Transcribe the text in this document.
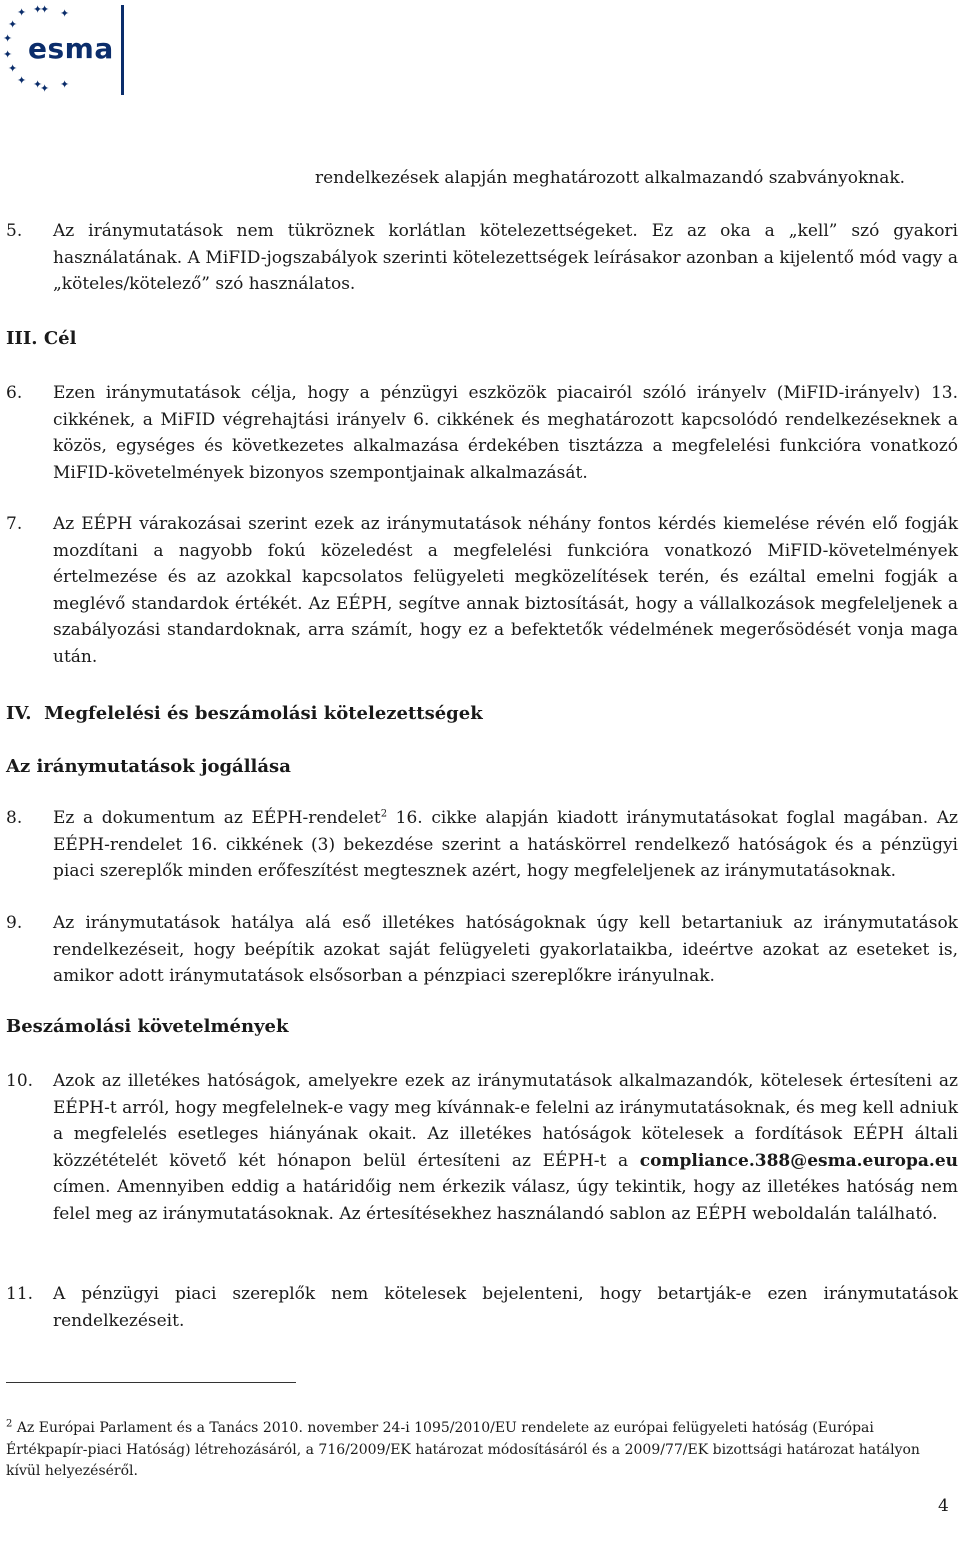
✦
✦
✦
✦
✦
✦
✦
✦
✦ ✦
✦ ✦
esma
rendelkezések alapján meghatározott alkalmazandó szabványoknak.
5. Az iránymutatások nem tükröznek korlátlan kötelezettségeket. Ez az oka a „kell” szó gyakori használatának. A MiFID-jogszabályok szerinti kötelezettségek leírásakor azonban a kijelentő mód vagy a „köteles/kötelező” szó használatos.
III. Cél
6. Ezen iránymutatások célja, hogy a pénzügyi eszközök piacairól szóló irányelv (MiFID-irányelv) 13. cikkének, a MiFID végrehajtási irányelv 6. cikkének és meghatározott kapcsolódó rendelkezéseknek a közös, egységes és következetes alkalmazása érdekében tisztázza a megfelelési funkcióra vonatkozó MiFID-követelmények bizonyos szempontjainak alkalmazását.
7. Az EÉPH várakozásai szerint ezek az iránymutatások néhány fontos kérdés kiemelése révén elő fogják mozdítani a nagyobb fokú közeledést a megfelelési funkcióra vonatkozó MiFID-követelmények értelmezése és az azokkal kapcsolatos felügyeleti megközelítések terén, és ezáltal emelni fogják a meglévő standardok értékét. Az EÉPH, segítve annak biztosítását, hogy a vállalkozások megfeleljenek a szabályozási standardoknak, arra számít, hogy ez a befektetők védelmének megerősödését vonja maga után.
IV. Megfelelési és beszámolási kötelezettségek
Az iránymutatások jogállása
8. Ez a dokumentum az EÉPH-rendelet$^2$ 16. cikke alapján kiadott iránymutatásokat foglal magában. Az EÉPH-rendelet 16. cikkének (3) bekezdése szerint a hatáskörrel rendelkező hatóságok és a pénzügyi piaci szereplők minden erőfeszítést megtesznek azért, hogy megfeleljenek az iránymutatásoknak.
9. Az iránymutatások hatálya alá eső illetékes hatóságoknak úgy kell betartaniuk az iránymutatások rendelkezéseit, hogy beépítik azokat saját felügyeleti gyakorlataikba, ideértve azokat az eseteket is, amikor adott iránymutatások elsősorban a pénzpiaci szereplőkre irányulnak.
Beszámolási követelmények
10. Azok az illetékes hatóságok, amelyekre ezek az iránymutatások alkalmazandók, kötelesek értesíteni az EÉPH-t arról, hogy megfelelnek-e vagy meg kívánnak-e felelni az iránymutatásoknak, és meg kell adniuk a megfelelés esetleges hiányának okait. Az illetékes hatóságok kötelesek a fordítások EÉPH általi közzétételét követő két hónapon belül értesíteni az EÉPH-t a compliance.388@esma.europa.eu címen. Amennyiben eddig a határidőig nem érkezik válasz, úgy tekintik, hogy az illetékes hatóság nem felel meg az iránymutatásoknak. Az értesítésekhez használandó sablon az EÉPH weboldalán található.
11. A pénzügyi piaci szereplők nem kötelesek bejelenteni, hogy betartják-e ezen iránymutatások rendelkezéseit.
$^2$ Az Európai Parlament és a Tanács 2010. november 24-i 1095/2010/EU rendelete az európai felügyeleti hatóság (Európai Értékpapír-piaci Hatóság) létrehozásáról, a 716/2009/EK határozat módosításáról és a 2009/77/EK bizottsági határozat hatályon kívül helyezéséről.
4
